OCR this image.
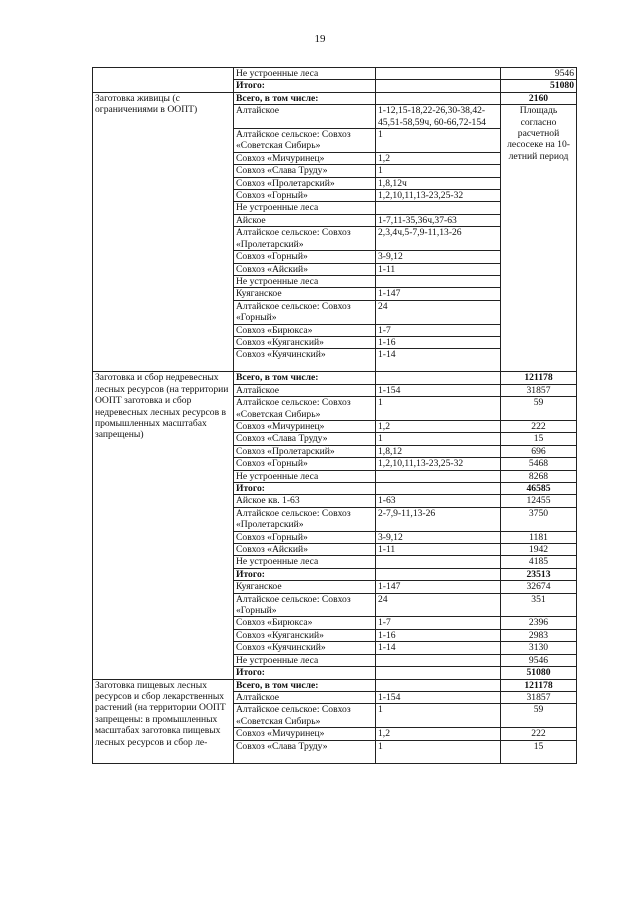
19
	Не устроенные леса		9546
	Итого:		51080
Заготовка живицы (с ограничениями в ООПТ)	Всего, в том числе:		2160
	Алтайское	1-12,15-18,22-26,30-38,42-45,51-58,59ч, 60-66,72-154	Площадь согласно расчетной лесосеке на 10-летний период
	Алтайское сельское: Совхоз «Советская Сибирь»	1	
	Совхоз «Мичуринец»	1,2	
	Совхоз «Слава Труду»	1	
	Совхоз «Пролетарский»	1,8,12ч	
	Совхоз «Горный»	1,2,10,11,13-23,25-32	
	Не устроенные леса		
	Айское	1-7,11-35,36ч,37-63	
	Алтайское сельское: Совхоз «Пролетарский»	2,3,4ч,5-7,9-11,13-26	
	Совхоз «Горный»	3-9,12	
	Совхоз «Айский»	1-11	
	Не устроенные леса		
	Куяганское	1-147	
	Алтайское сельское: Совхоз «Горный»	24	
	Совхоз «Бирюкса»	1-7	
	Совхоз «Куяганский»	1-16	
	Совхоз «Куячинский»	1-14	
Заготовка и сбор недревесных лесных ресурсов (на территории ООПТ заготовка и сбор недревесных лесных ресурсов в промышленных масштабах запрещены)	Всего, в том числе:		121178
	Алтайское	1-154	31857
	Алтайское сельское: Совхоз «Советская Сибирь»	1	59
	Совхоз «Мичуринец»	1,2	222
	Совхоз «Слава Труду»	1	15
	Совхоз «Пролетарский»	1,8,12	696
	Совхоз «Горный»	1,2,10,11,13-23,25-32	5468
	Не устроенные леса		8268
	Итого:		46585
	Айское кв. 1-63	1-63	12455
	Алтайское сельское: Совхоз «Пролетарский»	2-7,9-11,13-26	3750
	Совхоз «Горный»	3-9,12	1181
	Совхоз «Айский»	1-11	1942
	Не устроенные леса		4185
	Итого:		23513
	Куяганское	1-147	32674
	Алтайское сельское: Совхоз «Горный»	24	351
	Совхоз «Бирюкса»	1-7	2396
	Совхоз «Куяганский»	1-16	2983
	Совхоз «Куячинский»	1-14	3130
	Не устроенные леса		9546
	Итого:		51080
Заготовка пищевых лесных ресурсов и сбор лекарственных растений (на территории ООПТ запрещены: в промышленных масштабах заготовка пищевых лесных ресурсов и сбор ле-	Всего, в том числе:		121178
	Алтайское	1-154	31857
	Алтайское сельское: Совхоз «Советская Сибирь»	1	59
	Совхоз «Мичуринец»	1,2	222
	Совхоз «Слава Труду»	1	15
